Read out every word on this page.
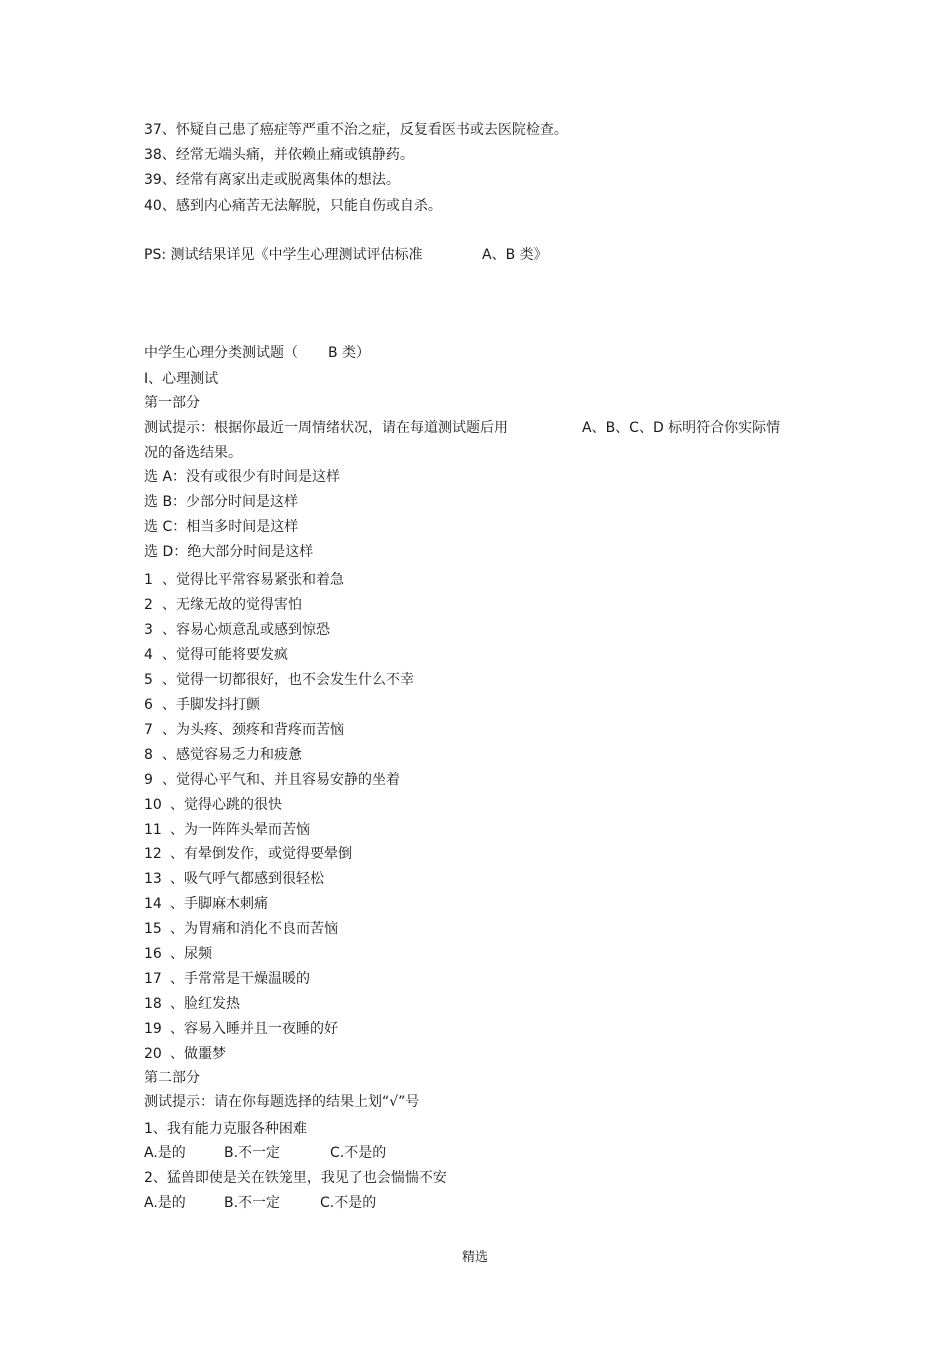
37、怀疑自己患了癌症等严重不治之症，反复看医书或去医院检查。
38、经常无端头痛，并依赖止痛或镇静药。
39、经常有离家出走或脱离集体的想法。
40、感到内心痛苦无法解脱，只能自伤或自杀。

PS: 测试结果详见《中学生心理测试评估标准

	A、B 类》

中学生心理分类测试题（

B 类）

I、心理测试
第一部分

测试提示：根据你最近一周情绪状况，请在每道测试题后用

	A、B、C、D 标明符合你实际情

况的备选结果。
选 A：没有或很少有时间是这样
选 B：少部分时间是这样
选 C：相当多时间是这样
选 D：绝大部分时间是这样
1 、觉得比平常容易紧张和着急
2 、无缘无故的觉得害怕
3 、容易心烦意乱或感到惊恐
4 、觉得可能将要发疯
5 、觉得一切都很好，也不会发生什么不幸
6 、手脚发抖打颤
7 、为头疼、颈疼和背疼而苦恼
8 、感觉容易乏力和疲惫
9 、觉得心平气和、并且容易安静的坐着
10 、觉得心跳的很快
11 、为一阵阵头晕而苦恼
12 、有晕倒发作，或觉得要晕倒
13 、吸气呼气都感到很轻松
14 、手脚麻木刺痛
15 、为胃痛和消化不良而苦恼
16 、尿频
17 、手常常是干燥温暖的
18 、脸红发热
19 、容易入睡并且一夜睡的好
20 、做噩梦
第二部分
测试提示：请在你每题选择的结果上划“√”号
1、我有能力克服各种困难

A.是的

	B.不一定

	C.不是的

2、猛兽即使是关在铁笼里，我见了也会惴惴不安

A.是的

	B.不一定

	C.不是的

精选
